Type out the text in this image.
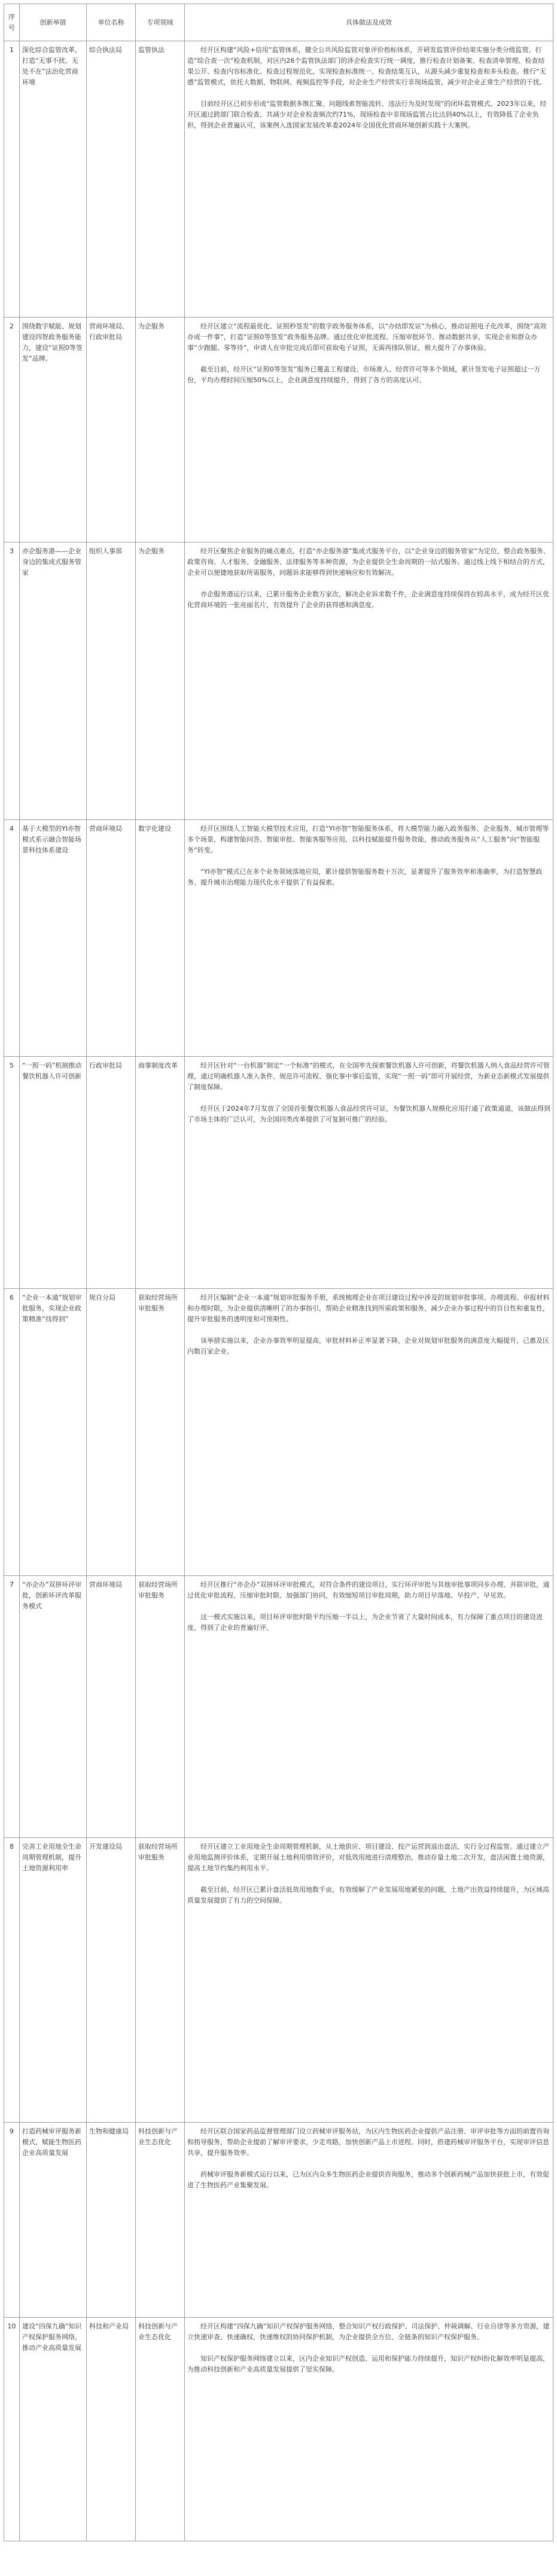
序号	创新举措	单位名称	专项领域	具体做法及成效
1	深化综合监管改革，打造“无事不扰、无处不在”法治化营商环境	综合执法局	监管执法	经开区构建“风险+信用”监管体系，健全公共风险监管对象评价指标体系，开研发监管评价结果实施分类分级监管。打造“综合查一次”检查机制，对区内26个监管执法部门的涉企检查实行统一调度，推行检查计划备案、检查清单管理、检查结果公开、检查内容标准化、检查过程规范化，实现检查标准统一、检查结果互认，从源头减少重复检查和多头检查。推行“无感”监管模式，依托大数据、物联网、视频监控等手段，对企业生产经营实行非现场监管，减少对企业正常生产经营的干扰。

目前经开区已初步形成“监管数据多维汇聚、问题线索智能流转、违法行为及时发现”的闭环监管模式。2023年以来，经开区通过跨部门联合检查，共减少对企业检查频次约71%，现场检查中非现场监管占比达到40%以上，有效降低了企业负担，得到企业普遍认可，该案例入选国家发展改革委2024年全国优化营商环境创新实践十大案例。

2	围绕数字赋能、规划建设四智政务服务能力，建设“证照0等签发”品牌。	营商环境局、行政审批局	为企服务	经开区建立“流程最优化、证照秒签发”的数字政务服务体系，以“办结即发证”为核心，推动证照电子化改革，围绕“高效办成一件事”，打造“证照0等签发”政务服务品牌。通过优化审批流程、压缩审批环节、推动数据共享，实现企业和群众办事“少跑腿、零等待”，申请人在审批完成后即可获取电子证照，无需再排队领证，极大提升了办事体验。

截至目前，经开区“证照0等签发”服务已覆盖工程建设、市场准入、经营许可等多个领域，累计签发电子证照超过一万份，平均办理时间压缩50%以上，企业满意度持续提升，得到了各方的高度认可。

3	亦企服务港——企业身边的集成式服务管家	组织人事部	为企服务	经开区聚焦企业服务的痛点难点，打造“亦企服务港”集成式服务平台，以“企业身边的服务管家”为定位，整合政务服务、政策咨询、人才服务、金融服务、法律服务等多种资源，为企业提供全生命周期的一站式服务。通过线上线下相结合的方式，企业可以便捷地获取所需服务，问题诉求能够得到快速响应和有效解决。

亦企服务港运行以来，已累计服务企业数万家次，解决企业诉求数千件，企业满意度持续保持在较高水平，成为经开区优化营商环境的一张亮丽名片，有效提升了企业的获得感和满意度。

4	基于大模型的YI亦智模式系示融合智能场景科技体系建设	营商环境局	数字化建设	经开区围绕人工智能大模型技术应用，打造“YI亦智”智能服务体系，将大模型能力融入政务服务、企业服务、城市管理等多个场景，构建智能问答、智能审批、智能客服等应用，以科技赋能提升服务效能，推动政务服务从“人工服务”向“智能服务”转变。

“YI亦智”模式已在多个业务领域落地应用，累计提供智能服务数十万次，显著提升了服务效率和准确率，为打造智慧政务、提升城市治理能力现代化水平提供了有益探索。

5	“一照一码”机制推动餐饮机器人许可创新	行政审批局	商事制度改革	经开区针对“一台机器”制定“一个标准”的模式，在全国率先探索餐饮机器人许可创新，将餐饮机器人纳入食品经营许可管理，通过明确机器人准入条件、规范许可流程、强化事中事后监管，实现“一照一码”即可开展经营，为新业态新模式发展提供了制度保障。

经开区于2024年7月发放了全国首张餐饮机器人食品经营许可证，为餐饮机器人规模化应用打通了政策通道，该做法得到了市场主体的广泛认可，为全国同类改革提供了可复制可推广的经验。

6	“企业一本通”规划审批服务，实现企业政策精准“找得到”	规自分局	获取经营场所审批服务	经开区编制“企业一本通”规划审批服务手册，系统梳理企业在项目建设过程中涉及的规划审批事项、办理流程、申报材料和办理时限，为企业提供清晰明了的办事指引，帮助企业精准找到所需政策和服务，减少企业办事过程中的盲目性和重复性，提升审批服务的透明度和可预期性。

该举措实施以来，企业办事效率明显提高，审批材料补正率显著下降，企业对规划审批服务的满意度大幅提升，已惠及区内数百家企业。

7	“亦企办”双拼环评审批，创新环评改革服务模式	营商环境局	获取经营场所审批服务	经开区推行“亦企办”双拼环评审批模式，对符合条件的建设项目，实行环评审批与其他审批事项同步办理、并联审批，通过优化审批流程、压缩审批时限、加强部门协同，有效缩短项目审批周期，助力项目早落地、早投产、早见效。

这一模式实施以来，项目环评审批时限平均压缩一半以上，为企业节省了大量时间成本，有力保障了重点项目的建设进度，得到了企业的普遍好评。

8	完善工业用地全生命周期管理机制，提升土地资源利用率	开发建设局	获取经营场所审批服务	经开区建立工业用地全生命周期管理机制，从土地供应、项目建设、投产运营到退出盘活，实行全过程监管。通过建立产业用地监测评价体系，定期开展土地利用绩效评价，对低效用地进行清理整治，推动存量土地二次开发，盘活闲置土地资源，提高土地节约集约利用水平。

截至目前，经开区已累计盘活低效用地数千亩，有效缓解了产业发展用地紧张的问题，土地产出效益持续提升，为区域高质量发展提供了有力的空间保障。

9	打造药械审评服务新模式，赋能生物医药企业高质量发展	生物和健康局	科技创新与产业生态优化	经开区联合国家药品监督管理部门设立药械审评服务站，为区内生物医药企业提供产品注册、审评审批等方面的前置咨询和指导服务，帮助企业提前了解审评要求，少走弯路，加快创新产品上市进程。同时，搭建药械审评服务平台，实现审评信息共享，提升服务效率。

药械审评服务新模式运行以来，已为区内众多生物医药企业提供咨询服务，推动多个创新药械产品加快获批上市，有效促进了生物医药产业集聚发展。

10	建设“四保九确”知识产权保护服务网络，推动产业高质量发展	科技和产业局	科技创新与产业生态优化	经开区构建“四保九确”知识产权保护服务网络，整合知识产权行政保护、司法保护、仲裁调解、行业自律等多方资源，建立快速审查、快速确权、快速维权的协同保护机制，为企业提供全方位、全链条的知识产权保护服务。

知识产权保护服务网络建立以来，区内企业知识产权创造、运用和保护能力持续提升，知识产权纠纷化解效率明显提高，为推动科技创新和产业高质量发展提供了坚实保障。
